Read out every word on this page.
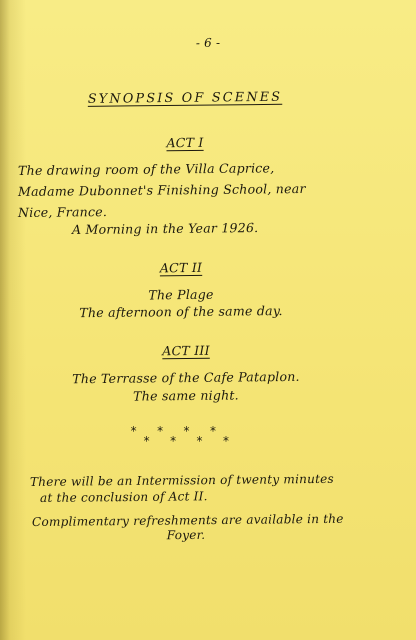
- 6 -
SYNOPSIS OF SCENES
ACT I
The drawing room of the Villa Caprice,
Madame Dubonnet's Finishing School, near
Nice, France.
A Morning in the Year 1926.
ACT II
The Plage
The afternoon of the same day.
ACT III
The Terrasse of the Cafe Pataplon.
The same night.
* * * *
* * * *
There will be an Intermission of twenty minutes
at the conclusion of Act II.
Complimentary refreshments are available in the
Foyer.
